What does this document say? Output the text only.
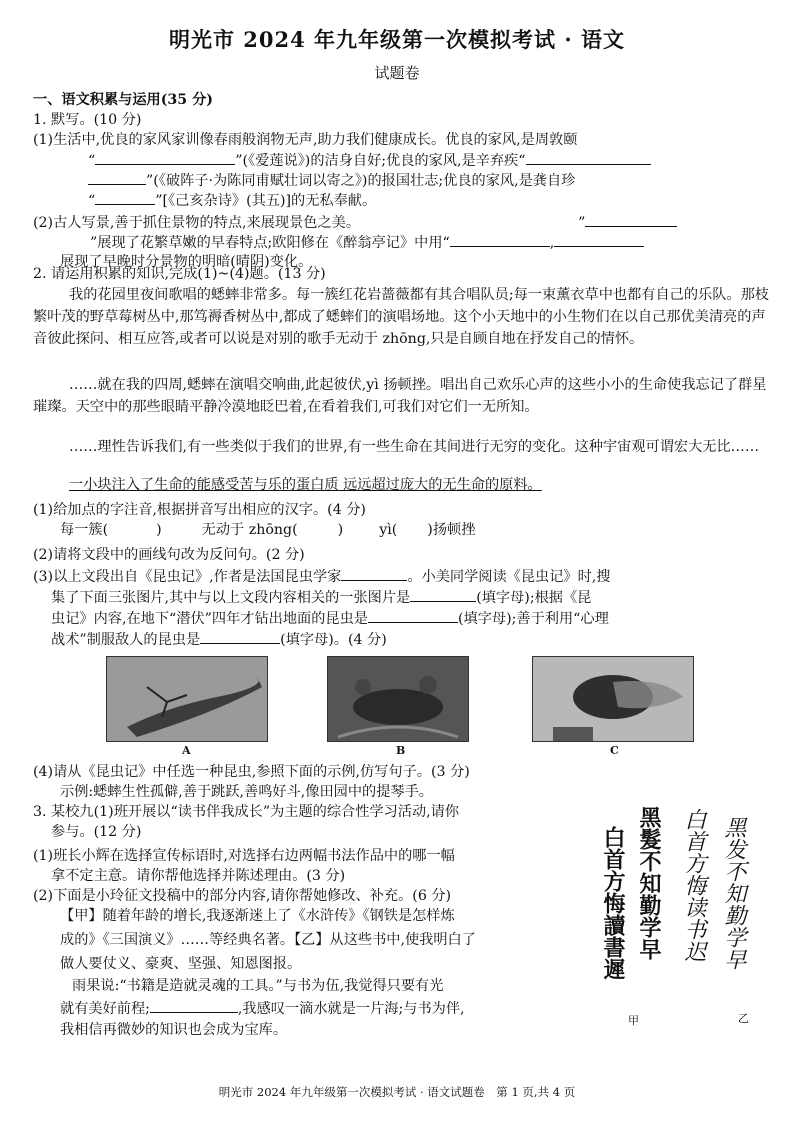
明光市 2024 年九年级第一次模拟考试 · 语文
试题卷
一、语文积累与运用(35 分)
1. 默写。(10 分)
(1)生活中,优良的家风家训像春雨般润物无声,助力我们健康成长。优良的家风,是周敦颐
“	”(《爱莲说》)的洁身自好;优良的家风,是辛弃疾“
”(《破阵子·为陈同甫赋壮词以寄之》)的报国壮志;优良的家风,是龚自珍
“	”[《己亥杂诗》(其五)]的无私奉献。
(2)古人写景,善于抓住景物的特点,来展现景色之美。	”
”展现了花繁草嫩的早春特点;欧阳修在《醉翁亭记》中用“	,
展现了早晚时分景物的明暗(晴阴)变化。
2. 请运用积累的知识,完成(1)~(4)题。(13 分)
我的花园里夜间歌唱的蟋蟀非常多。每一簇红花岩蔷薇都有其合唱队员;每一束薰衣草中也都有自己的乐队。那枝繁叶茂的野草莓树丛中,那笃褥香树丛中,都成了蟋蟀们的演唱场地。这个小天地中的小生物们在以自己那优美清亮的声音彼此探问、相互应答,或者可以说是对别的歌手无动于 zhōng,只是自顾自地在抒发自己的情怀。
……就在我的四周,蟋蟀在演唱交响曲,此起彼伏,yì 扬顿挫。唱出自己欢乐心声的这些小小的生命使我忘记了群星璀璨。天空中的那些眼睛平静冷漠地眨巴着,在看着我们,可我们对它们一无所知。
……理性告诉我们,有一些类似于我们的世界,有一些生命在其间进行无穷的变化。这种宇宙观可谓宏大无比……
一小块注入了生命的能感受苦与乐的蛋白质 远远超过庞大的无生命的原料。
(1)给加点的字注音,根据拼音写出相应的汉字。(4 分)
每一簇(	)	无动于 zhōng(	)	yì( )扬顿挫
(2)请将文段中的画线句改为反问句。(2 分)
(3)以上文段出自《昆虫记》,作者是法国昆虫学家	。小美同学阅读《昆虫记》时,搜
集了下面三张图片,其中与以上文段内容相关的一张图片是	(填字母);根据《昆
虫记》内容,在地下“潜伏”四年才钻出地面的昆虫是	(填字母);善于利用“心理
战术”制服敌人的昆虫是	(填字母)。(4 分)
A	B	C
(4)请从《昆虫记》中任选一种昆虫,参照下面的示例,仿写句子。(3 分)
示例:蟋蟀生性孤僻,善于跳跃,善鸣好斗,像田园中的提琴手。
3. 某校九(1)班开展以“读书伴我成长”为主题的综合性学习活动,请你
参与。(12 分)
(1)班长小辉在选择宣传标语时,对选择右边两幅书法作品中的哪一幅
拿不定主意。请你帮他选择并陈述理由。(3 分)
(2)下面是小玲征文投稿中的部分内容,请你帮她修改、补充。(6 分)
【甲】随着年龄的增长,我逐渐迷上了《水浒传》《钢铁是怎样炼
成的》《三国演义》……等经典名著。【乙】从这些书中,使我明白了
做人要仗义、豪爽、坚强、知恩图报。
雨果说:“书籍是造就灵魂的工具。”与书为伍,我觉得只要有光
就有美好前程;	,我感叹一滴水就是一片海;与书为伴,
我相信再微妙的知识也会成为宝库。
黑髮不知勤学早
白首方悔讀書遲
甲
黑发不知勤学早
白首方悔读书迟
乙
明光市 2024 年九年级第一次模拟考试 · 语文试题卷　第 1 页,共 4 页
